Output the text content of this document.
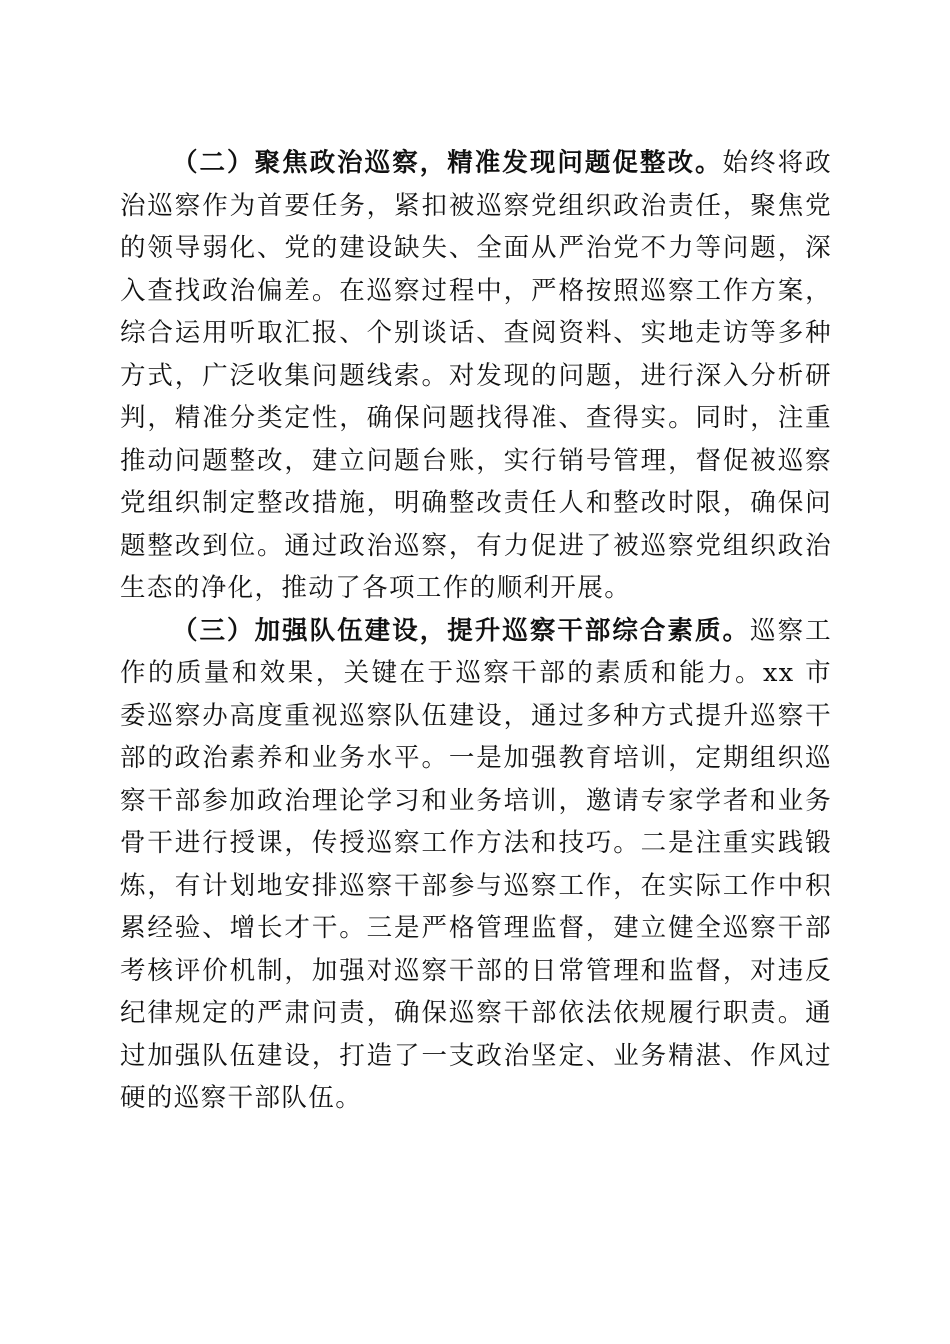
（二）聚焦政治巡察，精准发现问题促整改。始终将政治巡察作为首要任务，紧扣被巡察党组织政治责任，聚焦党的领导弱化、党的建设缺失、全面从严治党不力等问题，深入查找政治偏差。在巡察过程中，严格按照巡察工作方案，综合运用听取汇报、个别谈话、查阅资料、实地走访等多种方式，广泛收集问题线索。对发现的问题，进行深入分析研判，精准分类定性，确保问题找得准、查得实。同时，注重推动问题整改，建立问题台账，实行销号管理，督促被巡察党组织制定整改措施，明确整改责任人和整改时限，确保问题整改到位。通过政治巡察，有力促进了被巡察党组织政治生态的净化，推动了各项工作的顺利开展。

（三）加强队伍建设，提升巡察干部综合素质。巡察工作的质量和效果，关键在于巡察干部的素质和能力。xx 市委巡察办高度重视巡察队伍建设，通过多种方式提升巡察干部的政治素养和业务水平。一是加强教育培训，定期组织巡察干部参加政治理论学习和业务培训，邀请专家学者和业务骨干进行授课，传授巡察工作方法和技巧。二是注重实践锻炼，有计划地安排巡察干部参与巡察工作，在实际工作中积累经验、增长才干。三是严格管理监督，建立健全巡察干部考核评价机制，加强对巡察干部的日常管理和监督，对违反纪律规定的严肃问责，确保巡察干部依法依规履行职责。通过加强队伍建设，打造了一支政治坚定、业务精湛、作风过硬的巡察干部队伍。
